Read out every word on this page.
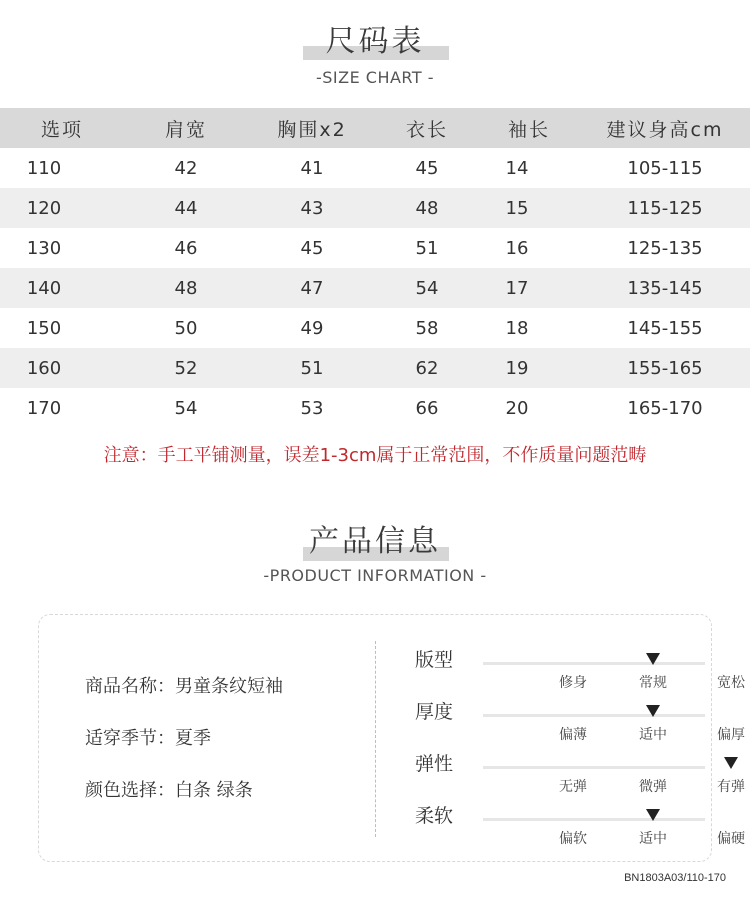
尺码表
-SIZE CHART -
选项	肩宽	胸围x2	衣长	袖长	建议身高cm
110	42	41	45	14	105-115
120	44	43	48	15	115-125
130	46	45	51	16	125-135
140	48	47	54	17	135-145
150	50	49	58	18	145-155
160	52	51	62	19	155-165
170	54	53	66	20	165-170
注意：手工平铺测量，误差1-3cm属于正常范围，不作质量问题范畴
产品信息
-PRODUCT INFORMATION -
商品名称：男童条纹短袖
适穿季节：夏季
颜色选择：白条 绿条
版型
修身	常规	宽松
厚度
偏薄	适中	偏厚
弹性
无弹	微弹	有弹
柔软
偏软	适中	偏硬
BN1803A03/110-170
